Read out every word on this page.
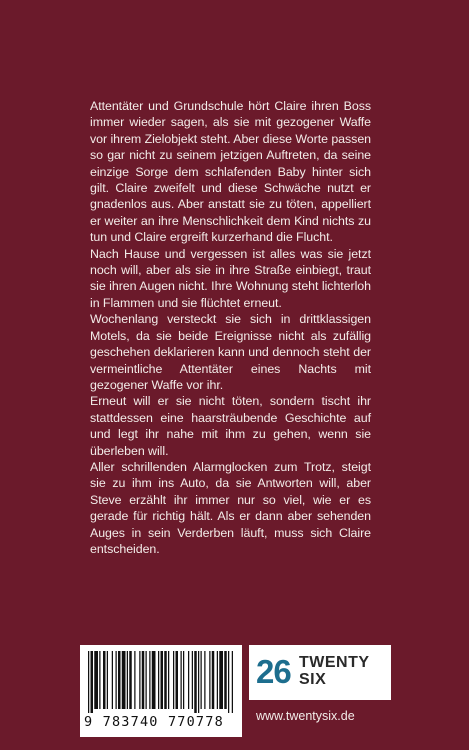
Attentäter und Grundschule hört Claire ihren Boss immer wieder sagen, als sie mit gezogener Waffe vor ihrem Zielobjekt steht. Aber diese Worte passen so gar nicht zu seinem jetzigen Auftreten, da seine einzige Sorge dem schlafenden Baby hinter sich gilt. Claire zweifelt und diese Schwäche nutzt er gnadenlos aus. Aber anstatt sie zu töten, appelliert er weiter an ihre Menschlichkeit dem Kind nichts zu tun und Claire ergreift kurzerhand die Flucht.

Nach Hause und vergessen ist alles was sie jetzt noch will, aber als sie in ihre Straße einbiegt, traut sie ihren Augen nicht. Ihre Wohnung steht lichterloh in Flammen und sie flüchtet erneut.

Wochenlang versteckt sie sich in drittklassigen Motels, da sie beide Ereignisse nicht als zufällig geschehen deklarieren kann und dennoch steht der vermeintliche Attentäter eines Nachts mit gezogener Waffe vor ihr.

Erneut will er sie nicht töten, sondern tischt ihr stattdessen eine haarsträubende Geschichte auf und legt ihr nahe mit ihm zu gehen, wenn sie überleben will.

Aller schrillenden Alarmglocken zum Trotz, steigt sie zu ihm ins Auto, da sie Antworten will, aber Steve erzählt ihr immer nur so viel, wie er es gerade für richtig hält. Als er dann aber sehenden Auges in sein Verderben läuft, muss sich Claire entscheiden.

9 783740 770778
26 TWENTY
SIX
www.twentysix.de
